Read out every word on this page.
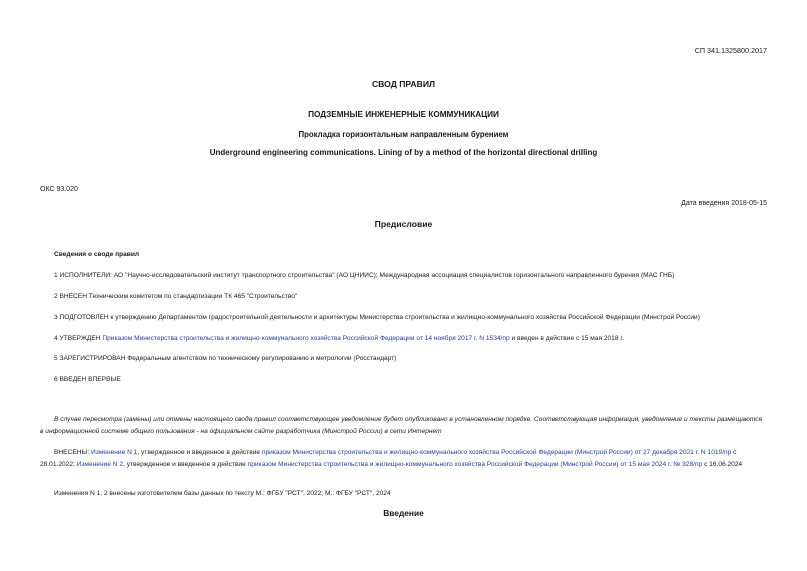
СП 341.1325800.2017
СВОД ПРАВИЛ
ПОДЗЕМНЫЕ ИНЖЕНЕРНЫЕ КОММУНИКАЦИИ
Прокладка горизонтальным направленным бурением
Underground engineering communications. Lining of by a method of the horizontal directional drilling
ОКС 93.020
Дата введения 2018-05-15
Предисловие
Сведения о своде правил
1 ИСПОЛНИТЕЛИ: АО "Научно-исследовательский институт транспортного строительства" (АО ЦНИИС); Международная ассоциация специалистов горизонтального направленного бурения (МАС ГНБ)
2 ВНЕСЕН Техническим комитетом по стандартизации ТК 465 "Строительство"
3 ПОДГОТОВЛЕН к утверждению Департаментом градостроительной деятельности и архитектуры Министерства строительства и жилищно-коммунального хозяйства Российской Федерации (Минстрой России)
4 УТВЕРЖДЕН Приказом Министерства строительства и жилищно-коммунального хозяйства Российской Федерации от 14 ноября 2017 г. N 1534/пр и введен в действие с 15 мая 2018 г.
5 ЗАРЕГИСТРИРОВАН Федеральным агентством по техническому регулированию и метрологии (Росстандарт)
6 ВВЕДЕН ВПЕРВЫЕ
В случае пересмотра (замены) или отмены настоящего свода правил соответствующее уведомление будет опубликовано в установленном порядке. Соответствующая информация, уведомление и тексты размещаются в информационной системе общего пользования - на официальном сайте разработчика (Минстрой России) в сети Интернет
ВНЕСЕНЫ: Изменение N 1, утвержденное и введенное в действие приказом Министерства строительства и жилищно-коммунального хозяйства Российской Федерации (Минстрой России) от 27 декабря 2021 г. N 1019/пр с 28.01.2022; Изменение N 2, утвержденное и введенное в действие приказом Министерства строительства и жилищно-коммунального хозяйства Российской Федерации (Минстрой России) от 15 мая 2024 г. № 328/пр с 16.06.2024
Изменения N 1, 2 внесены изготовителем базы данных по тексту М.: ФГБУ "РСТ", 2022; М.: ФГБУ "РСТ", 2024
Введение
